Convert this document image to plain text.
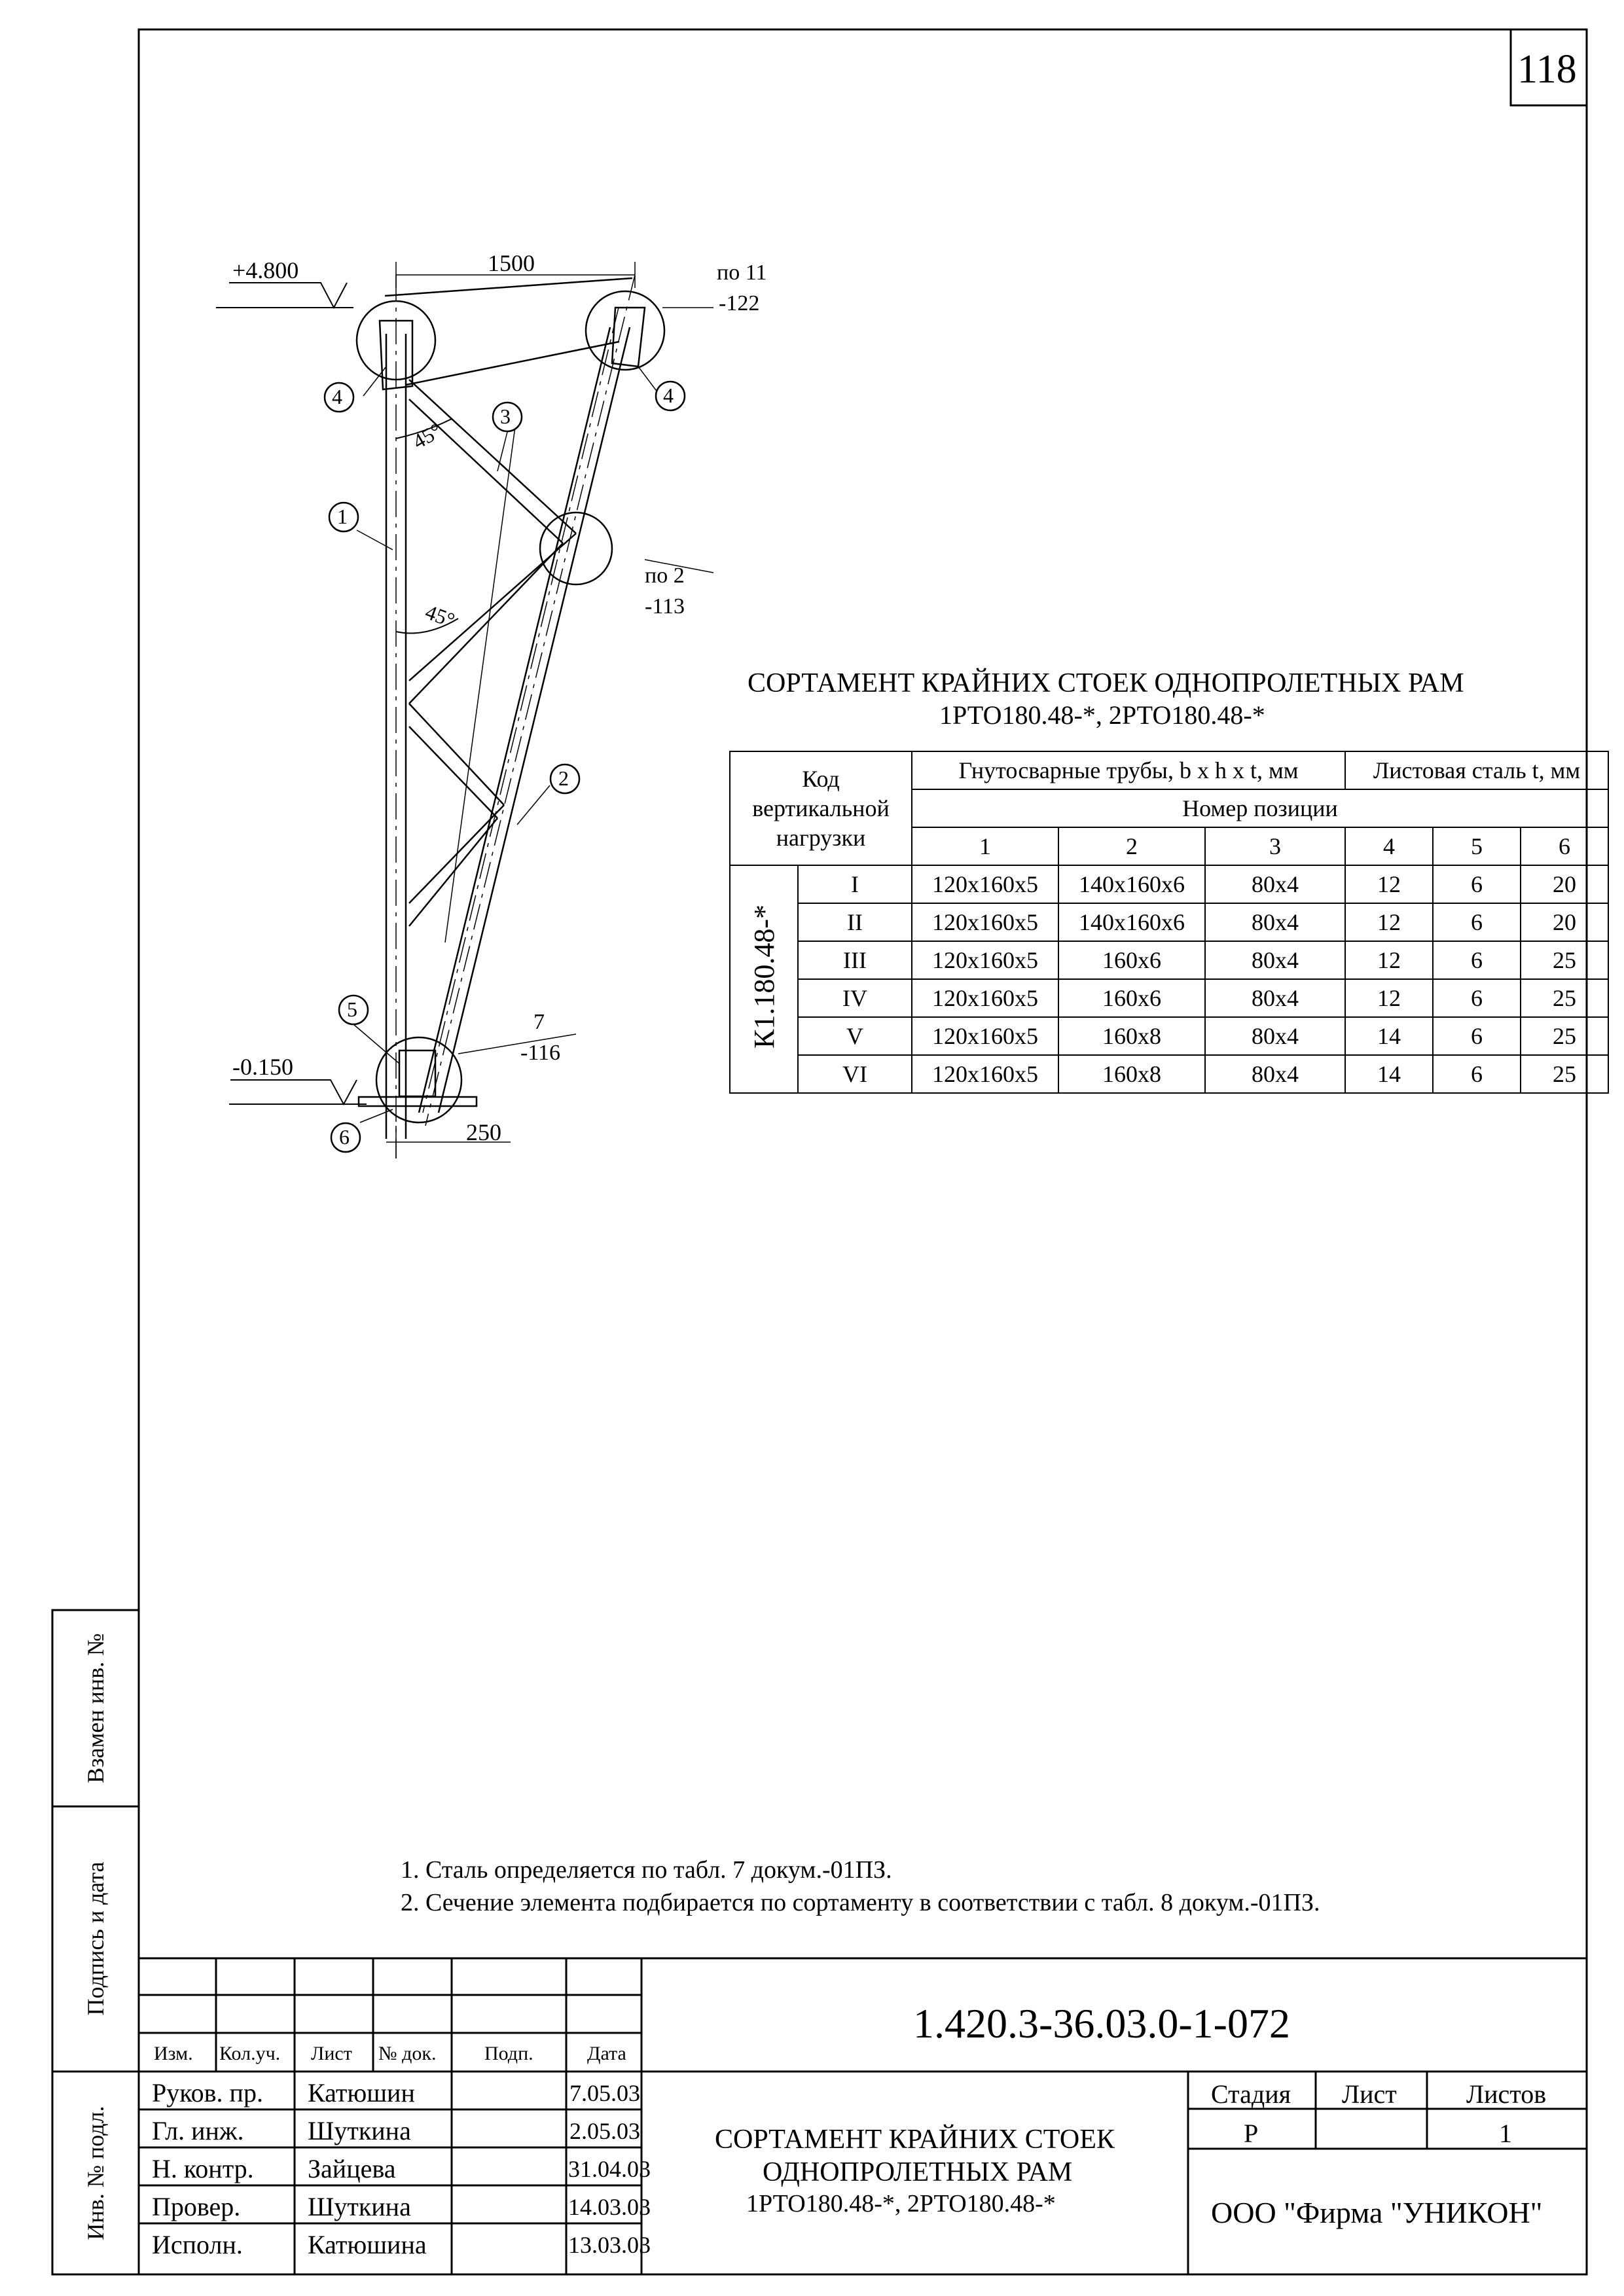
118
+4.800
-0.150
1500
250
45°
45°
по 11
-122
по 2
-113
7
-116
4	4
3
1
2
5
6
СОРТАМЕНТ КРАЙНИХ СТОЕК ОДНОПРОЛЕТНЫХ РАМ
1РТО180.48-*, 2РТО180.48-*
Код вертикальной нагрузки		Гнутосварные трубы, b x h x t, мм			Листовая сталь t, мм		
		Номер позиции					
		1	2	3	4	5	6
К1.180.48-*	I	120x160x5	140x160x6	80x4	12	6	20
	II	120x160x5	140x160x6	80x4	12	6	20
	III	120x160x5	160x6	80x4	12	6	25
	IV	120x160x5	160x6	80x4	12	6	25
	V	120x160x5	160x8	80x4	14	6	25
	VI	120x160x5	160x8	80x4	14	6	25
1. Сталь определяется по табл. 7 докум.-01ПЗ.
2. Сечение элемента подбирается по сортаменту в соответствии с табл. 8 докум.-01ПЗ.
Взамен инв. №
Подпись и дата
Инв. № подл.
1.420.3-36.03.0-1-072
Изм. Кол.уч. Лист № док. Подп.	Дата
Руков. пр. Катюшин	7.05.03
Гл. инж. Шуткина	2.05.03
Н. контр. Зайцева	31.04.03
Провер.	Шуткина	14.03.03
Исполн. Катюшина	13.03.03
СОРТАМЕНТ КРАЙНИХ СТОЕК
ОДНОПРОЛЕТНЫХ РАМ
1РТО180.48-*, 2РТО180.48-*
Стадия Лист	Листов
Р	1
ООО "Фирма "УНИКОН"
